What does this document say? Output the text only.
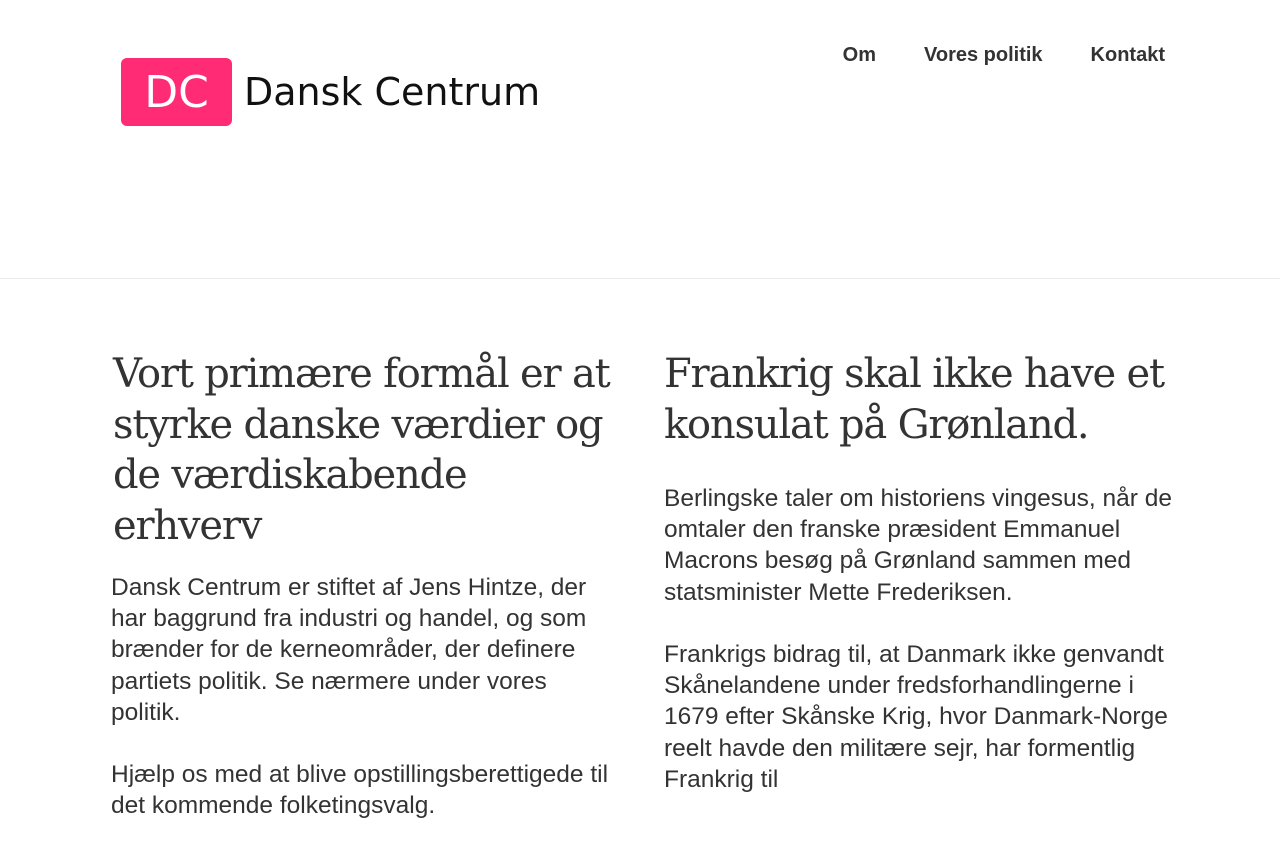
DC Dansk Centrum
Om Vores politik Kontakt
Vort primære formål er at styrke danske værdier og de værdiskabende erhverv

Dansk Centrum er stiftet af Jens Hintze, der har baggrund fra industri og handel, og som brænder for de kerneområder, der definere partiets politik. Se nærmere under vores politik.

Hjælp os med at blive opstillingsberettigede til det kommende folketingsvalg.

Frankrig skal ikke have et konsulat på Grønland.

Berlingske taler om historiens vingesus, når de omtaler den franske præsident Emmanuel Macrons besøg på Grønland sammen med statsminister Mette Frederiksen.

Frankrigs bidrag til, at Danmark ikke genvandt Skånelandene under fredsforhandlingerne i 1679 efter Skånske Krig, hvor Danmark-Norge reelt havde den militære sejr, har formentlig Frankrig til
